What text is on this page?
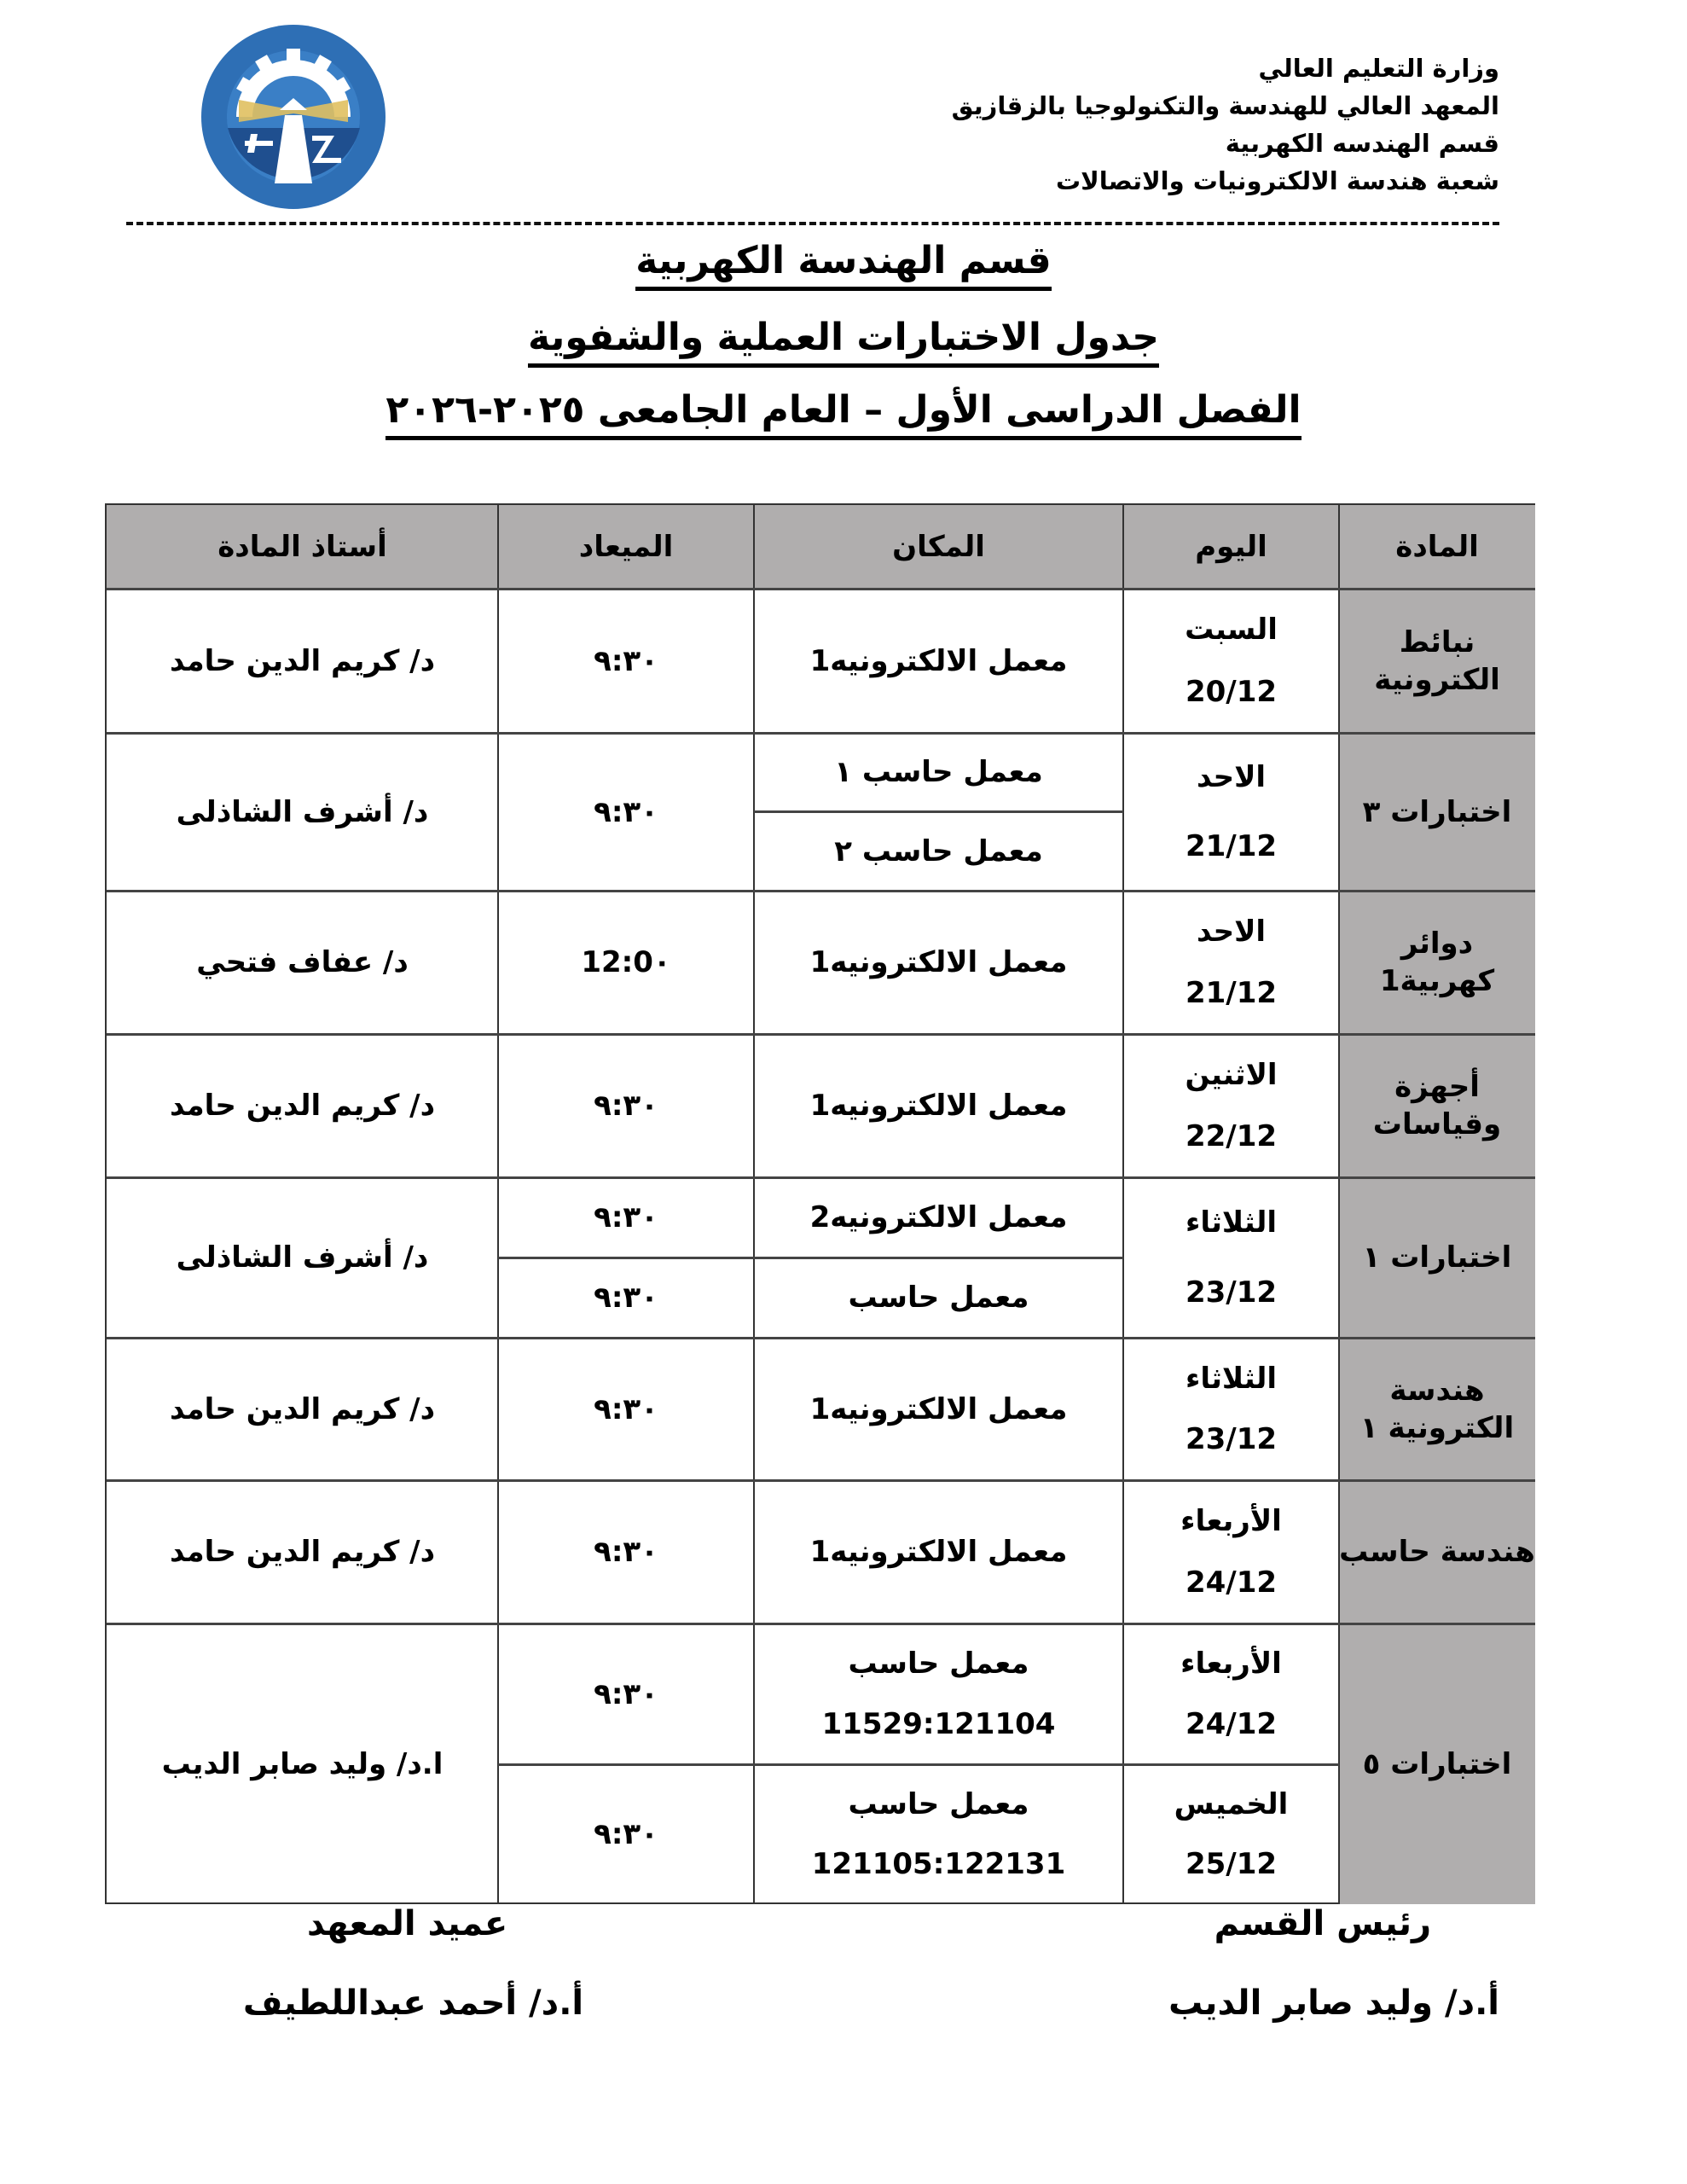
وزارة التعليم العالي
المعهد العالي للهندسة والتكنولوجيا بالزقازيق
قسم الهندسه الكهربية
شعبة هندسة الالكترونيات والاتصالات
قسم الهندسة الكهربية
جدول الاختبارات العملية والشفوية
الفصل الدراسى الأول – العام الجامعى ٢٠٢٥-٢٠٢٦
المادة
اليوم
المكان
الميعاد
أستاذ المادة
نبائط الكترونية
السبت
20/12
معمل الالكترونيه1
٩:٣٠
د/ كريم الدين حامد
اختبارات ٣
الاحد
21/12
معمل حاسب ١
معمل حاسب ٢
٩:٣٠
د/ أشرف الشاذلى
دوائر كهربية1
الاحد
21/12
معمل الالكترونيه1
12:0٠
د/ عفاف فتحي
أجهزة وقياسات
الاثنين
22/12
معمل الالكترونيه1
٩:٣٠
د/ كريم الدين حامد
اختبارات ١
الثلاثاء
23/12
معمل الالكترونيه2
معمل حاسب
٩:٣٠
٩:٣٠
د/ أشرف الشاذلى
هندسة الكترونية ١
الثلاثاء
23/12
معمل الالكترونيه1
٩:٣٠
د/ كريم الدين حامد
هندسة حاسب
الأربعاء
24/12
معمل الالكترونيه1
٩:٣٠
د/ كريم الدين حامد
اختبارات ٥
الأربعاء
24/12
الخميس
25/12
معمل حاسب
11529:121104
معمل حاسب
121105:122131
٩:٣٠
٩:٣٠
ا.د/ وليد صابر الديب
رئيس القسم
أ.د/ وليد صابر الديب
عميد المعهد
أ.د/ أحمد عبداللطيف
